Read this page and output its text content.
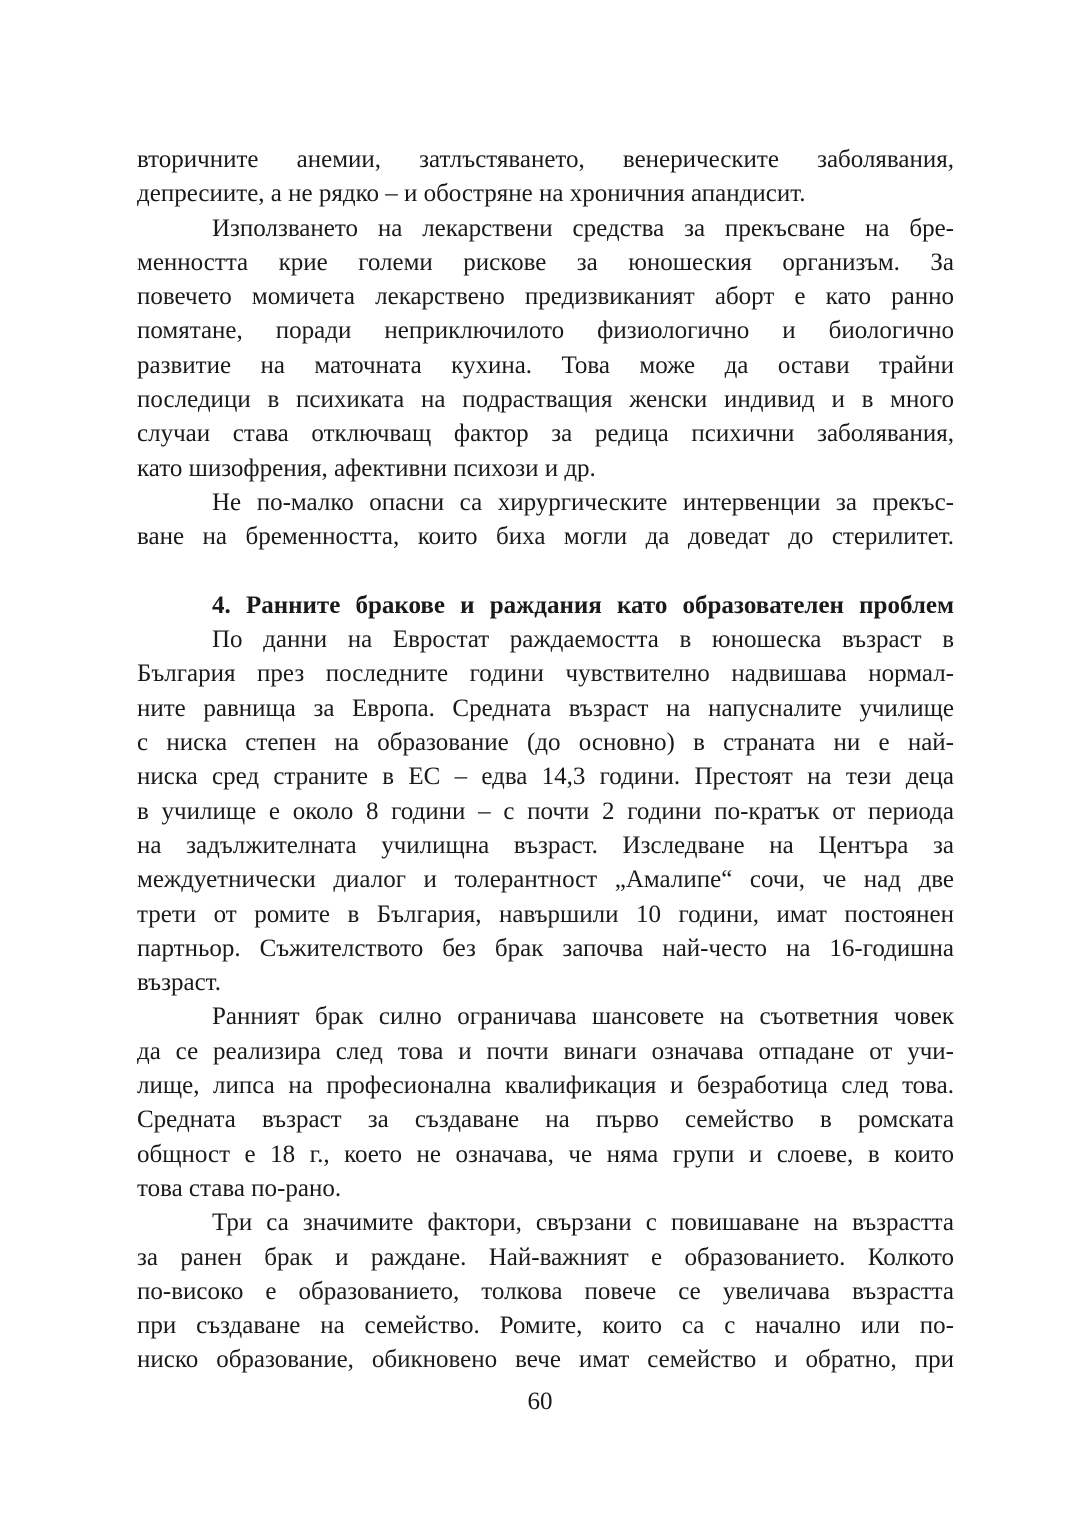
вторичните анемии, затлъстяването, венерическите заболявания,
депресиите, а не рядко – и обостряне на хроничния апандисит.
Използването на лекарствени средства за прекъсване на бре-
менността крие големи рискове за юношеския организъм. За
повечето момичета лекарствено предизвиканият аборт е като ранно
помятане, поради неприключилото физиологично и биологично
развитие на маточната кухина. Това може да остави трайни
последици в психиката на подрастващия женски индивид и в много
случаи става отключващ фактор за редица психични заболявания,
като шизофрения, афективни психози и др.
Не по-малко опасни са хирургическите интервенции за прекъс-
ване на бременността, които биха могли да доведат до стерилитет.
4. Ранните бракове и раждания като образователен проблем
По данни на Евростат раждаемостта в юношеска възраст в
България през последните години чувствително надвишава нормал-
ните равнища за Европа. Средната възраст на напусналите училище
с ниска степен на образование (до основно) в страната ни е най-
ниска сред страните в ЕС – едва 14,3 години. Престоят на тези деца
в училище е около 8 години – с почти 2 години по-кратък от периода
на задължителната училищна възраст. Изследване на Центъра за
междуетнически диалог и толерантност „Амалипе“ сочи, че над две
трети от ромите в България, навършили 10 години, имат постоянен
партньор. Съжителството без брак започва най-често на 16-годишна
възраст.
Ранният брак силно ограничава шансовете на съответния човек
да се реализира след това и почти винаги означава отпадане от учи-
лище, липса на професионална квалификация и безработица след това.
Средната възраст за създаване на първо семейство в ромската
общност е 18 г., което не означава, че няма групи и слоеве, в които
това става по-рано.
Три са значимите фактори, свързани с повишаване на възрастта
за ранен брак и раждане. Най-важният е образованието. Колкото
по-високо е образованието, толкова повече се увеличава възрастта
при създаване на семейство. Ромите, които са с начално или по-
ниско образование, обикновено вече имат семейство и обратно, при
60
